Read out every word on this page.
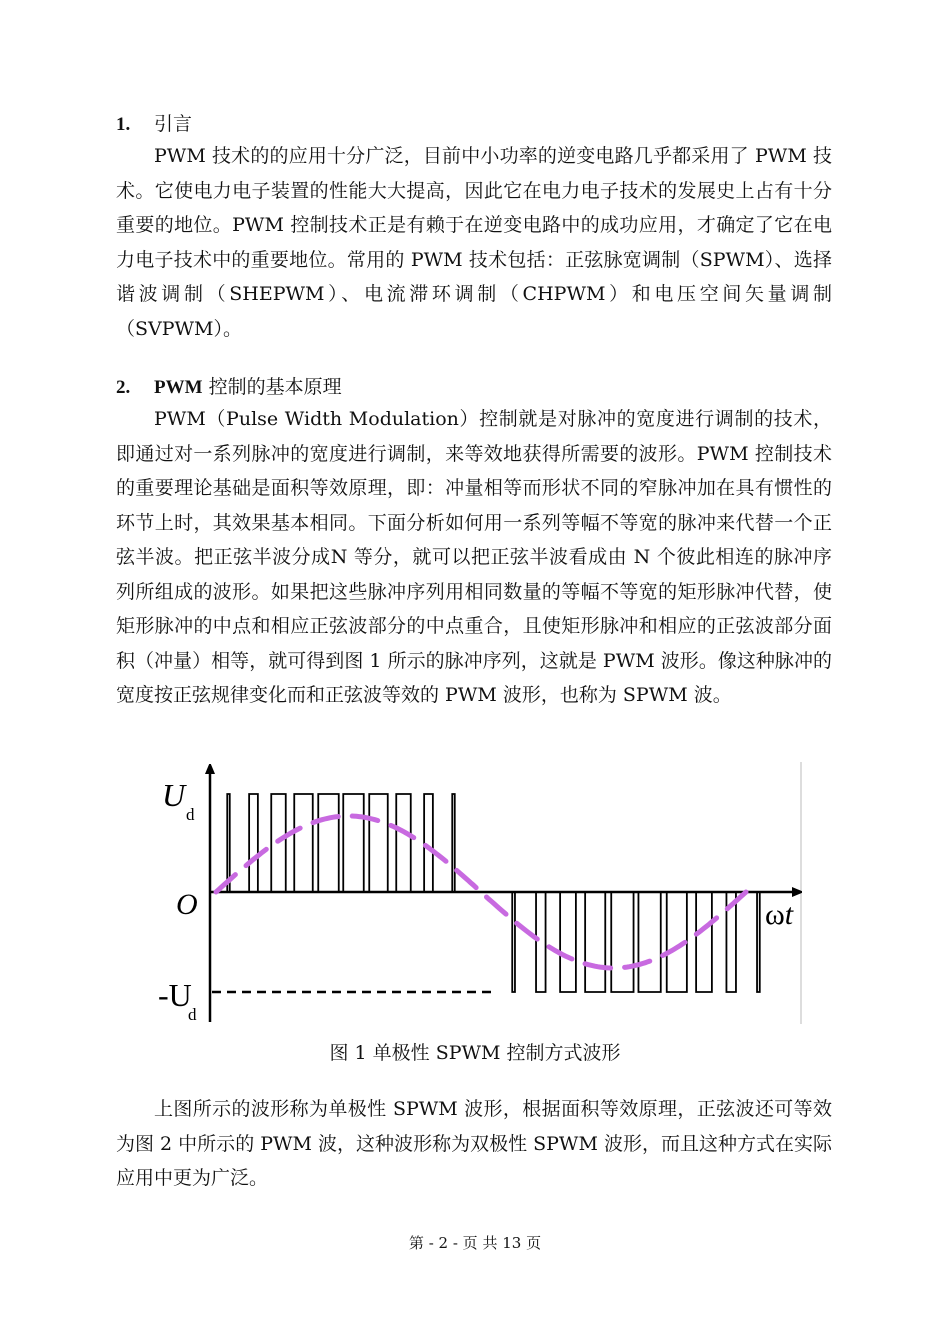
1. 引言

PWM 技术的的应用十分广泛，目前中小功率的逆变电路几乎都采用了 PWM 技术。它使电力电子装置的性能大大提高，因此它在电力电子技术的发展史上占有十分重要的地位。PWM 控制技术正是有赖于在逆变电路中的成功应用，才确定了它在电力电子技术中的重要地位。常用的 PWM 技术包括：正弦脉宽调制（SPWM）、选择谐波调制（SHEPWM）、电流滞环调制（CHPWM）和电压空间矢量调制（SVPWM）。

2. PWM 控制的基本原理

PWM（Pulse Width Modulation）控制就是对脉冲的宽度进行调制的技术，即通过对一系列脉冲的宽度进行调制，来等效地获得所需要的波形。PWM 控制技术的重要理论基础是面积等效原理，即：冲量相等而形状不同的窄脉冲加在具有惯性的环节上时，其效果基本相同。下面分析如何用一系列等幅不等宽的脉冲来代替一个正弦半波。把正弦半波分成N 等分，就可以把正弦半波看成由 N 个彼此相连的脉冲序列所组成的波形。如果把这些脉冲序列用相同数量的等幅不等宽的矩形脉冲代替，使矩形脉冲的中点和相应正弦波部分的中点重合，且使矩形脉冲和相应的正弦波部分面积（冲量）相等，就可得到图 1 所示的脉冲序列，这就是 PWM 波形。像这种脉冲的宽度按正弦规律变化而和正弦波等效的 PWM 波形，也称为 SPWM 波。

U
d
O
-U
d
ωt
图 1 单极性 SPWM 控制方式波形

上图所示的波形称为单极性 SPWM 波形，根据面积等效原理，正弦波还可等效为图 2 中所示的 PWM 波，这种波形称为双极性 SPWM 波形，而且这种方式在实际应用中更为广泛。

第 - 2 - 页 共 13 页
